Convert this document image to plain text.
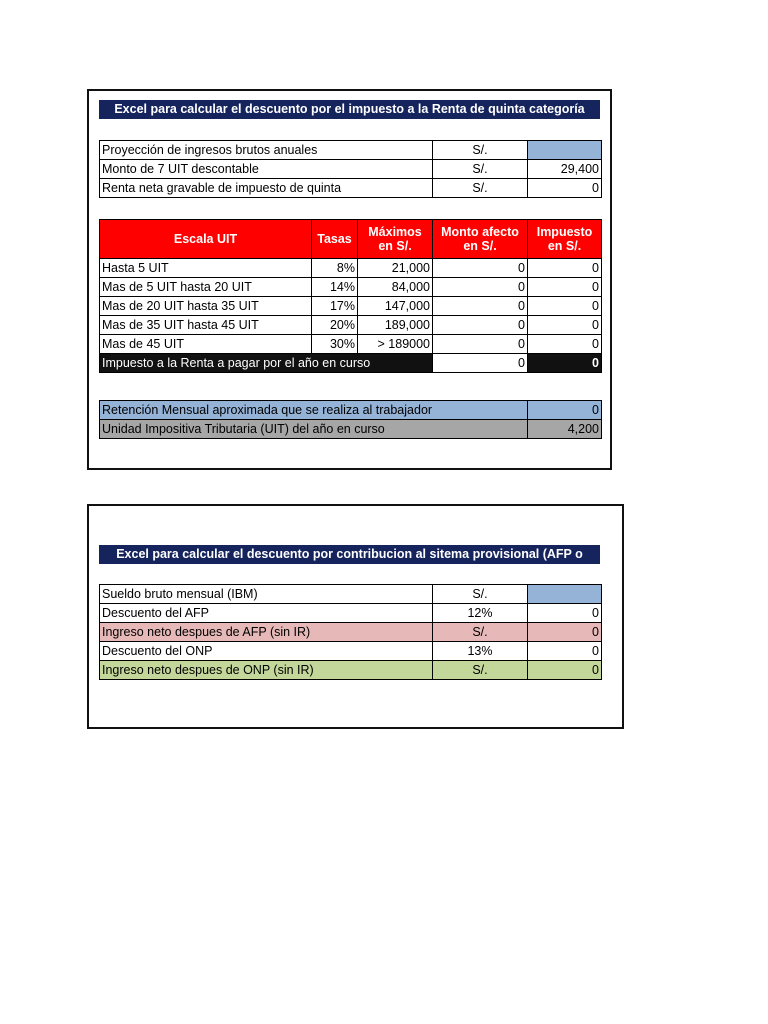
Excel para calcular el descuento por el impuesto a la Renta de quinta categoría
Proyección de ingresos brutos anuales	S/.	
Monto de 7 UIT descontable	S/.	29,400
Renta neta gravable de impuesto de quinta	S/.	0
Escala UIT	Tasas	Máximos en S/.	Monto afecto en S/.	Impuesto en S/.
Hasta 5 UIT	8%	21,000	0	0
Mas de 5 UIT hasta 20 UIT	14%	84,000	0	0
Mas de 20 UIT hasta 35 UIT	17%	147,000	0	0
Mas de 35 UIT hasta 45 UIT	20%	189,000	0	0
Mas de 45 UIT	30%	> 189000	0	0
Impuesto a la Renta a pagar por el año en curso			0	0
Retención Mensual aproximada que se realiza al trabajador	0
Unidad Impositiva Tributaria (UIT) del año en curso	4,200
Excel para calcular el descuento por contribucion al sitema provisional (AFP o ONP)
Sueldo bruto mensual (IBM)	S/.	
Descuento del AFP	12%	0
Ingreso neto despues de AFP (sin IR)	S/.	0
Descuento del ONP	13%	0
Ingreso neto despues de ONP (sin IR)	S/.	0
